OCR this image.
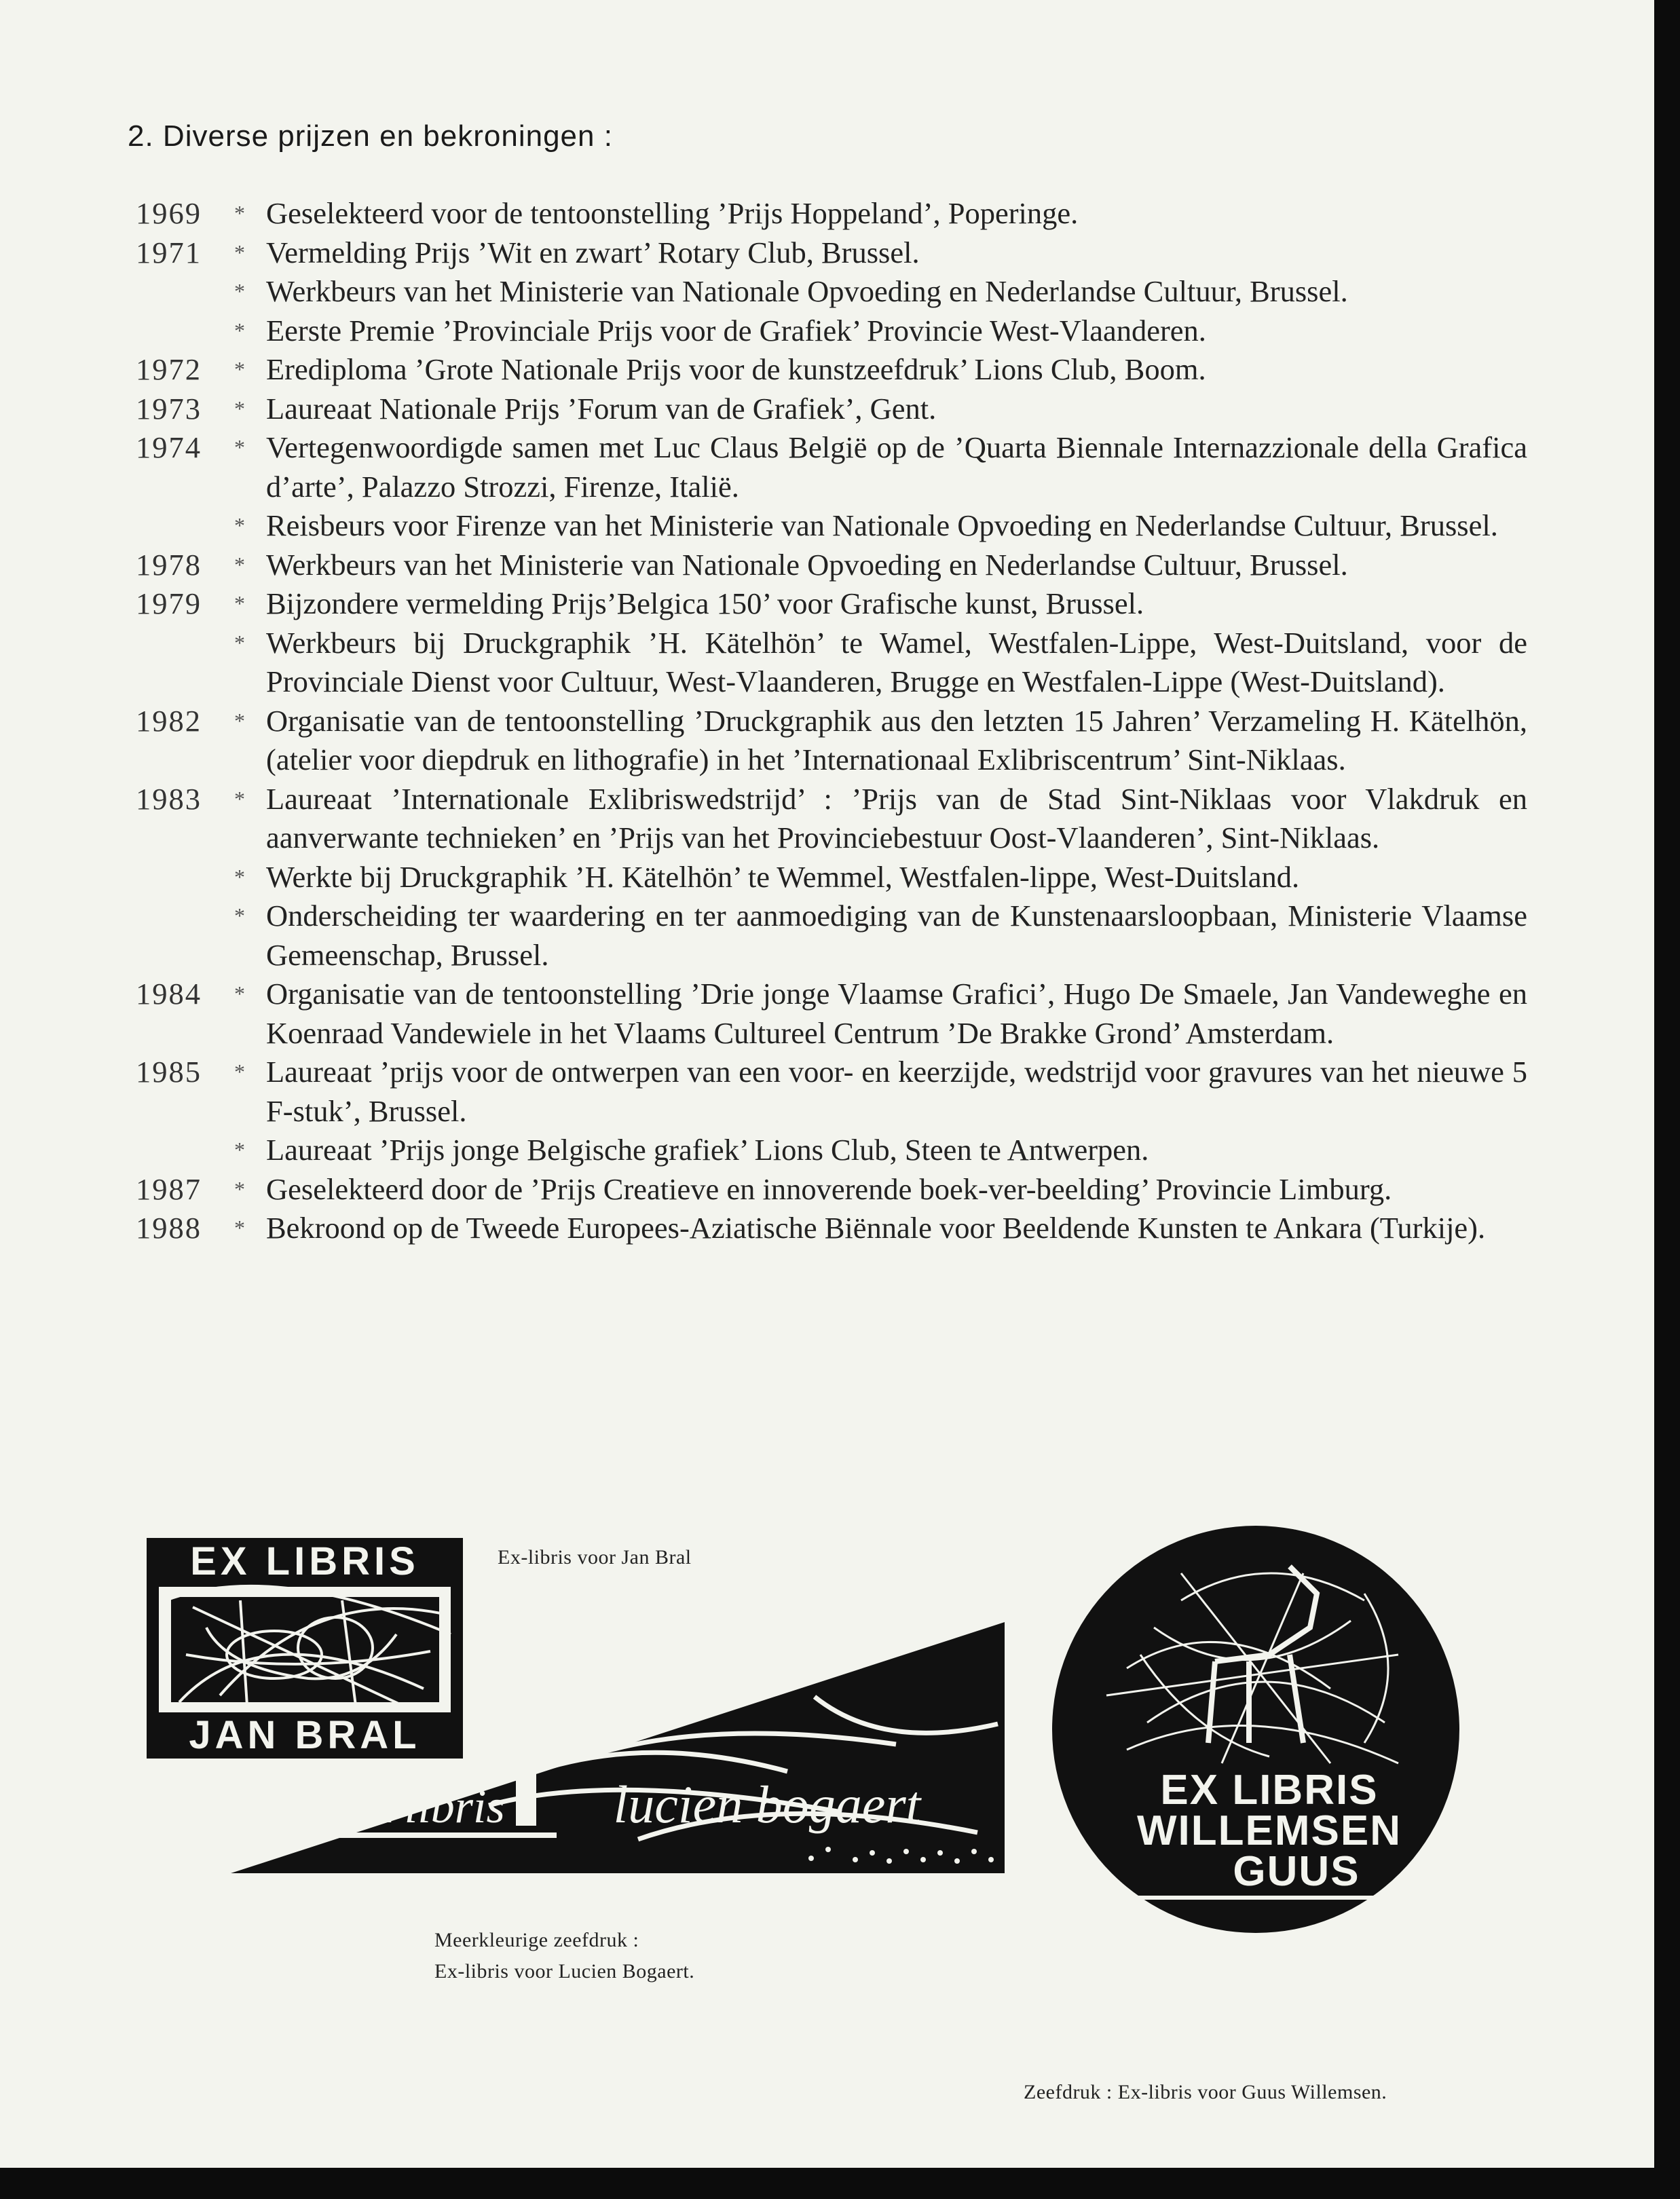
2. Diverse prijzen en bekroningen :
1969	* Geselekteerd voor de tentoonstelling ’Prijs Hoppeland’, Poperinge.
1971	* Vermelding Prijs ’Wit en zwart’ Rotary Club, Brussel.
* Werkbeurs van het Ministerie van Nationale Opvoeding en Nederlandse Cultuur, Brussel.
* Eerste Premie ’Provinciale Prijs voor de Grafiek’ Provincie West-Vlaanderen.
1972	* Erediploma ’Grote Nationale Prijs voor de kunstzeefdruk’ Lions Club, Boom.
1973	* Laureaat Nationale Prijs ’Forum van de Grafiek’, Gent.
1974	* Vertegenwoordigde samen met Luc Claus België op de ’Quarta Biennale Internazzionale della Grafica d’arte’, Palazzo Strozzi, Firenze, Italië.
* Reisbeurs voor Firenze van het Ministerie van Nationale Opvoeding en Nederlandse Cultuur, Brussel.
1978	* Werkbeurs van het Ministerie van Nationale Opvoeding en Nederlandse Cultuur, Brussel.
1979	* Bijzondere vermelding Prijs’Belgica 150’ voor Grafische kunst, Brussel.
* Werkbeurs bij Druckgraphik ’H. Kätelhön’ te Wamel, Westfalen-Lippe, West-Duitsland, voor de Provinciale Dienst voor Cultuur, West-Vlaanderen, Brugge en Westfalen-Lippe (West-Duitsland).
1982	* Organisatie van de tentoonstelling ’Druckgraphik aus den letzten 15 Jahren’ Verzameling H. Kätelhön, (atelier voor diepdruk en lithografie) in het ’Internationaal Exlibriscentrum’ Sint-Niklaas.
1983	* Laureaat ’Internationale Exlibriswedstrijd’ : ’Prijs van de Stad Sint-Niklaas voor Vlakdruk en aanverwante technieken’ en ’Prijs van het Provinciebestuur Oost-Vlaanderen’, Sint-Niklaas.
* Werkte bij Druckgraphik ’H. Kätelhön’ te Wemmel, Westfalen-lippe, West-Duitsland.
* Onderscheiding ter waardering en ter aanmoediging van de Kunstenaarsloopbaan, Ministerie Vlaamse Gemeenschap, Brussel.
1984	* Organisatie van de tentoonstelling ’Drie jonge Vlaamse Grafici’, Hugo De Smaele, Jan Vandeweghe en Koenraad Vandewiele in het Vlaams Cultureel Centrum ’De Brakke Grond’ Amsterdam.
1985	* Laureaat ’prijs voor de ontwerpen van een voor- en keerzijde, wedstrijd voor gravures van het nieuwe 5 F-stuk’, Brussel.
* Laureaat ’Prijs jonge Belgische grafiek’ Lions Club, Steen te Antwerpen.
1987	* Geselekteerd door de ’Prijs Creatieve en innoverende boek-ver-beelding’ Provincie Limburg.
1988	* Bekroond op de Tweede Europees-Aziatische Biënnale voor Beeldende Kunsten te Ankara (Turkije).
EX LIBRIS
JAN BRAL
Ex-libris voor Jan Bral
ex libris lucien bogaert
Meerkleurige zeefdruk :
Ex-libris voor Lucien Bogaert.
EX LIBRIS
WILLEMSEN
GUUS
Zeefdruk : Ex-libris voor Guus Willemsen.
